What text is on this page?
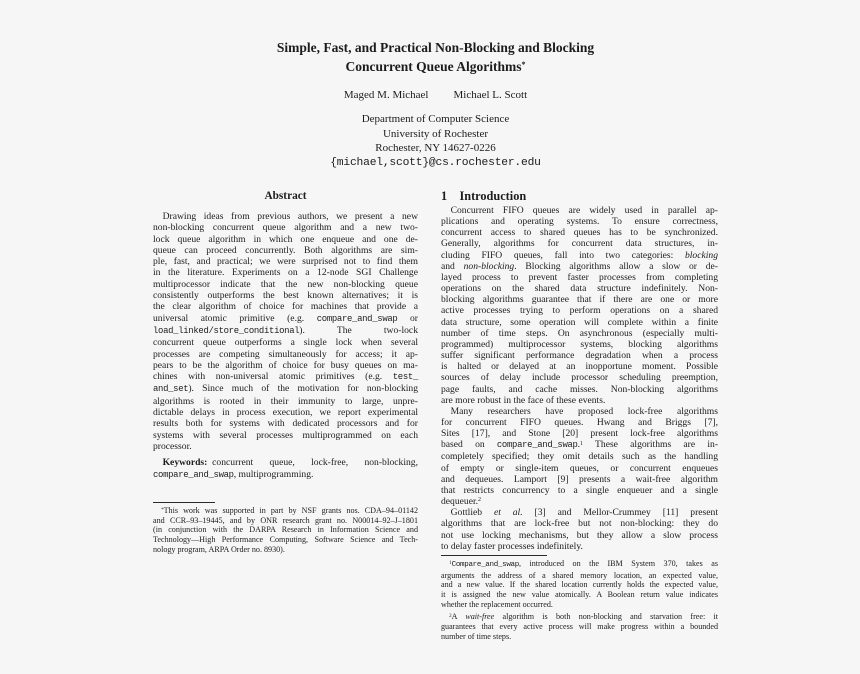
Simple, Fast, and Practical Non-Blocking and Blocking
Concurrent Queue Algorithms*
Maged M. Michael Michael L. Scott
Department of Computer Science
University of Rochester
Rochester, NY 14627-0226
{michael,scott}@cs.rochester.edu
Abstract
 Drawing ideas from previous authors, we present a new
non-blocking concurrent queue algorithm and a new two-
lock queue algorithm in which one enqueue and one de-
queue can proceed concurrently. Both algorithms are sim-
ple, fast, and practical; we were surprised not to find them
in the literature. Experiments on a 12-node SGI Challenge
multiprocessor indicate that the new non-blocking queue
consistently outperforms the best known alternatives; it is
the clear algorithm of choice for machines that provide a
universal atomic primitive (e.g. compare_and_swap or
load_linked/store_conditional). The two-lock
concurrent queue outperforms a single lock when several
processes are competing simultaneously for access; it ap-
pears to be the algorithm of choice for busy queues on ma-
chines with non-universal atomic primitives (e.g. test_
and_set). Since much of the motivation for non-blocking
algorithms is rooted in their immunity to large, unpre-
dictable delays in process execution, we report experimental
results both for systems with dedicated processors and for
systems with several processes multiprogrammed on each
processor.
 Keywords: concurrent queue, lock-free, non-blocking,
compare_and_swap, multiprogramming.
 *This work was supported in part by NSF grants nos. CDA–94–01142
and CCR–93–19445, and by ONR research grant no. N00014–92–J–1801
(in conjunction with the DARPA Research in Information Science and
Technology—High Performance Computing, Software Science and Tech-
nology program, ARPA Order no. 8930).
1 Introduction
 Concurrent FIFO queues are widely used in parallel ap-
plications and operating systems. To ensure correctness,
concurrent access to shared queues has to be synchronized.
Generally, algorithms for concurrent data structures, in-
cluding FIFO queues, fall into two categories: blocking
and non-blocking. Blocking algorithms allow a slow or de-
layed process to prevent faster processes from completing
operations on the shared data structure indefinitely. Non-
blocking algorithms guarantee that if there are one or more
active processes trying to perform operations on a shared
data structure, some operation will complete within a finite
number of time steps. On asynchronous (especially multi-
programmed) multiprocessor systems, blocking algorithms
suffer significant performance degradation when a process
is halted or delayed at an inopportune moment. Possible
sources of delay include processor scheduling preemption,
page faults, and cache misses. Non-blocking algorithms
are more robust in the face of these events.
 Many researchers have proposed lock-free algorithms
for concurrent FIFO queues. Hwang and Briggs [7],
Sites [17], and Stone [20] present lock-free algorithms
based on compare_and_swap.$^1$ These algorithms are in-
completely specified; they omit details such as the handling
of empty or single-item queues, or concurrent enqueues
and dequeues. Lamport [9] presents a wait-free algorithm
that restricts concurrency to a single enqueuer and a single
dequeuer.$^2$
 Gottlieb et al. [3] and Mellor-Crummey [11] present
algorithms that are lock-free but not non-blocking: they do
not use locking mechanisms, but they allow a slow process
to delay faster processes indefinitely.
 $^1$Compare_and_swap, introduced on the IBM System 370, takes as
arguments the address of a shared memory location, an expected value,
and a new value. If the shared location currently holds the expected value,
it is assigned the new value atomically. A Boolean return value indicates
whether the replacement occurred.
 $^2$A wait-free algorithm is both non-blocking and starvation free: it
guarantees that every active process will make progress within a bounded
number of time steps.
